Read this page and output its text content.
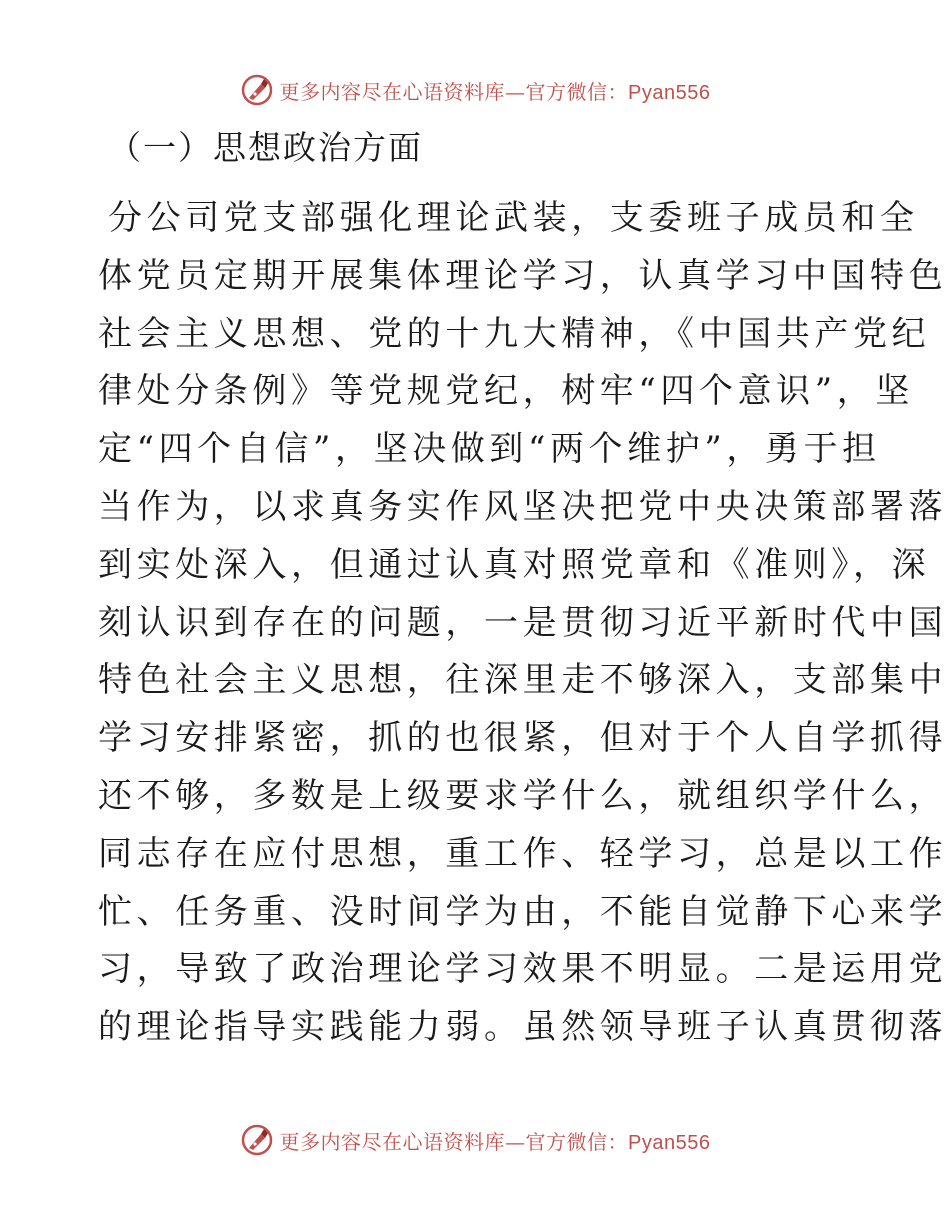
更多内容尽在心语资料库—官方微信：Pyan556
（一）思想政治方面
分公司党支部强化理论武装，支委班子成员和全
体党员定期开展集体理论学习，认真学习中国特色
社会主义思想、党的十九大精神，《中国共产党纪
律处分条例》等党规党纪，树牢“四个意识”，坚
定“四个自信”，坚决做到“两个维护”，勇于担
当作为，以求真务实作风坚决把党中央决策部署落
到实处深入，但通过认真对照党章和《准则》，深
刻认识到存在的问题，一是贯彻习近平新时代中国
特色社会主义思想，往深里走不够深入，支部集中
学习安排紧密，抓的也很紧，但对于个人自学抓得
还不够，多数是上级要求学什么，就组织学什么，
同志存在应付思想，重工作、轻学习，总是以工作
忙、任务重、没时间学为由，不能自觉静下心来学
习，导致了政治理论学习效果不明显。二是运用党
的理论指导实践能力弱。虽然领导班子认真贯彻落
更多内容尽在心语资料库—官方微信：Pyan556
